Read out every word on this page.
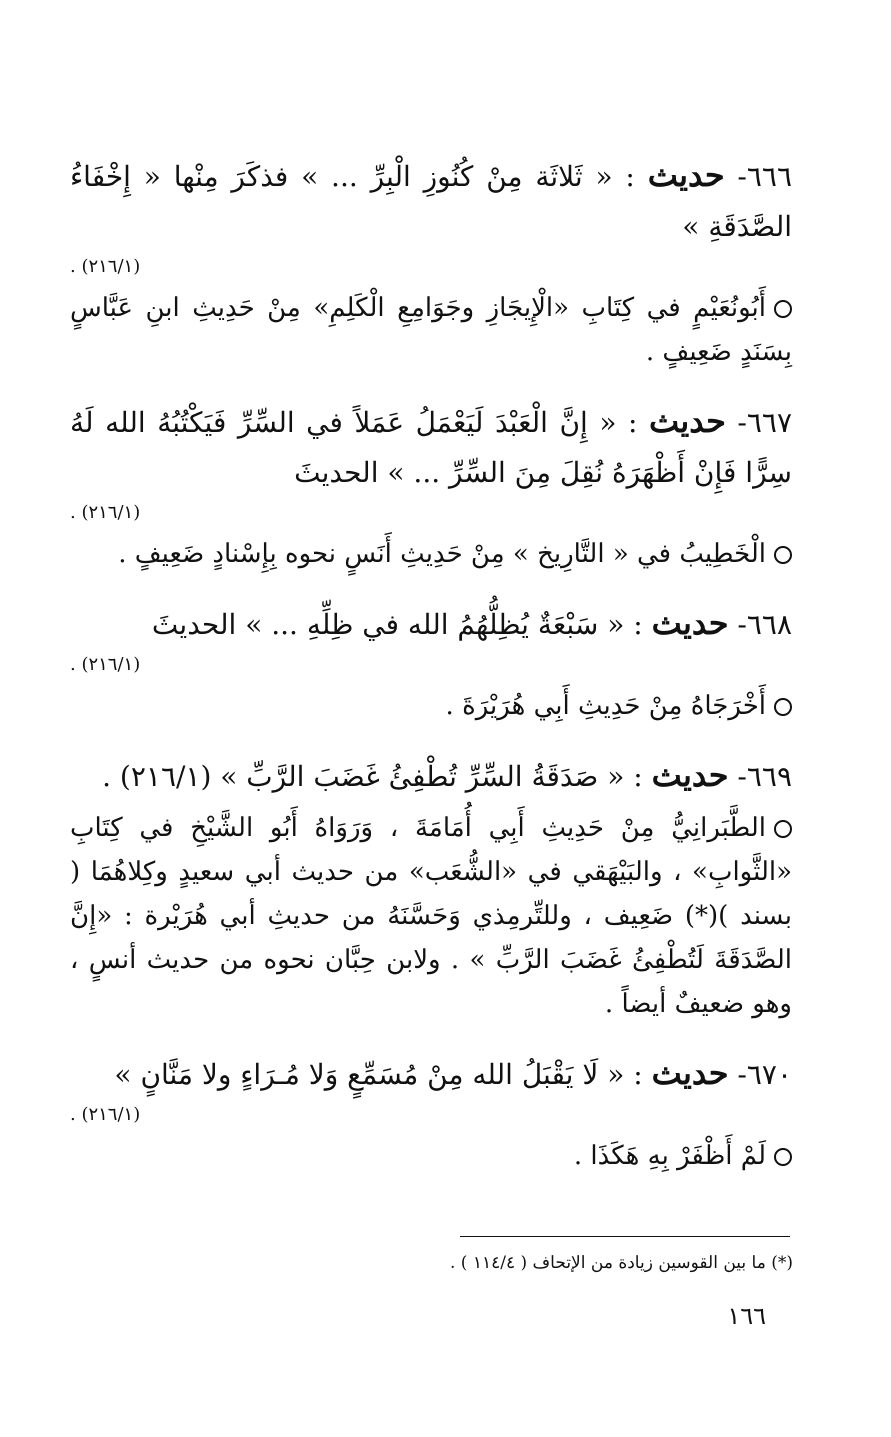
٦٦٦- حديث : « ثَلاثَة مِنْ كُنُوزِ الْبِرِّ ... » فذكَرَ مِنْها « إِخْفَاءُ الصَّدَقَةِ »
(٢١٦/١) .
أَبُونُعَيْمٍ في كِتَابِ «الْإِيجَازِ وجَوَامِعِ الْكَلِمِ» مِنْ حَدِيثِ ابنِ عَبَّاسٍ بِسَنَدٍ ضَعِيفٍ .
٦٦٧- حديث : « إِنَّ الْعَبْدَ لَيَعْمَلُ عَمَلاً في السِّرِّ فَيَكْتُبُهُ الله لَهُ سِرًّا فَإِنْ أَظْهَرَهُ نُقِلَ مِنَ السِّرِّ ... » الحديثَ
(٢١٦/١) .
الْخَطِيبُ في « التَّارِيخ » مِنْ حَدِيثِ أَنَسٍ نحوه بِإِسْنادٍ ضَعِيفٍ .
٦٦٨- حديث : « سَبْعَةٌ يُظِلُّهُمُ الله في ظِلِّهِ ... » الحديثَ
(٢١٦/١) .
أَخْرَجَاهُ مِنْ حَدِيثِ أَبِي هُرَيْرَةَ .
٦٦٩- حديث : « صَدَقَةُ السِّرِّ تُطْفِئُ غَضَبَ الرَّبِّ » (٢١٦/١) .
الطَّبَرانِيُّ مِنْ حَدِيثِ أَبِي أُمَامَةَ ، وَرَوَاهُ أَبُو الشَّيْخِ في كِتَابِ «الثَّوابِ» ، والبَيْهَقي في «الشُّعَب» من حديث أبي سعيدٍ وكِلاهُمَا ( بسند )(*) ضَعِيف ، وللتِّرمِذي وَحَسَّنَهُ من حديثِ أبي هُرَيْرة : «إِنَّ الصَّدَقَةَ لَتُطْفِئُ غَضَبَ الرَّبِّ » . ولابن حِبَّان نحوه من حديث أنسٍ ، وهو ضعيفٌ أيضاً .
٦٧٠- حديث : « لَا يَقْبَلُ الله مِنْ مُسَمِّعٍ وَلا مُـرَاءٍ ولا مَنَّانٍ »
(٢١٦/١) .
لَمْ أَظْفَرْ بِهِ هَكَذَا .
(*) ما بين القوسين زيادة من الإتحاف ( ١١٤/٤ ) .
١٦٦
